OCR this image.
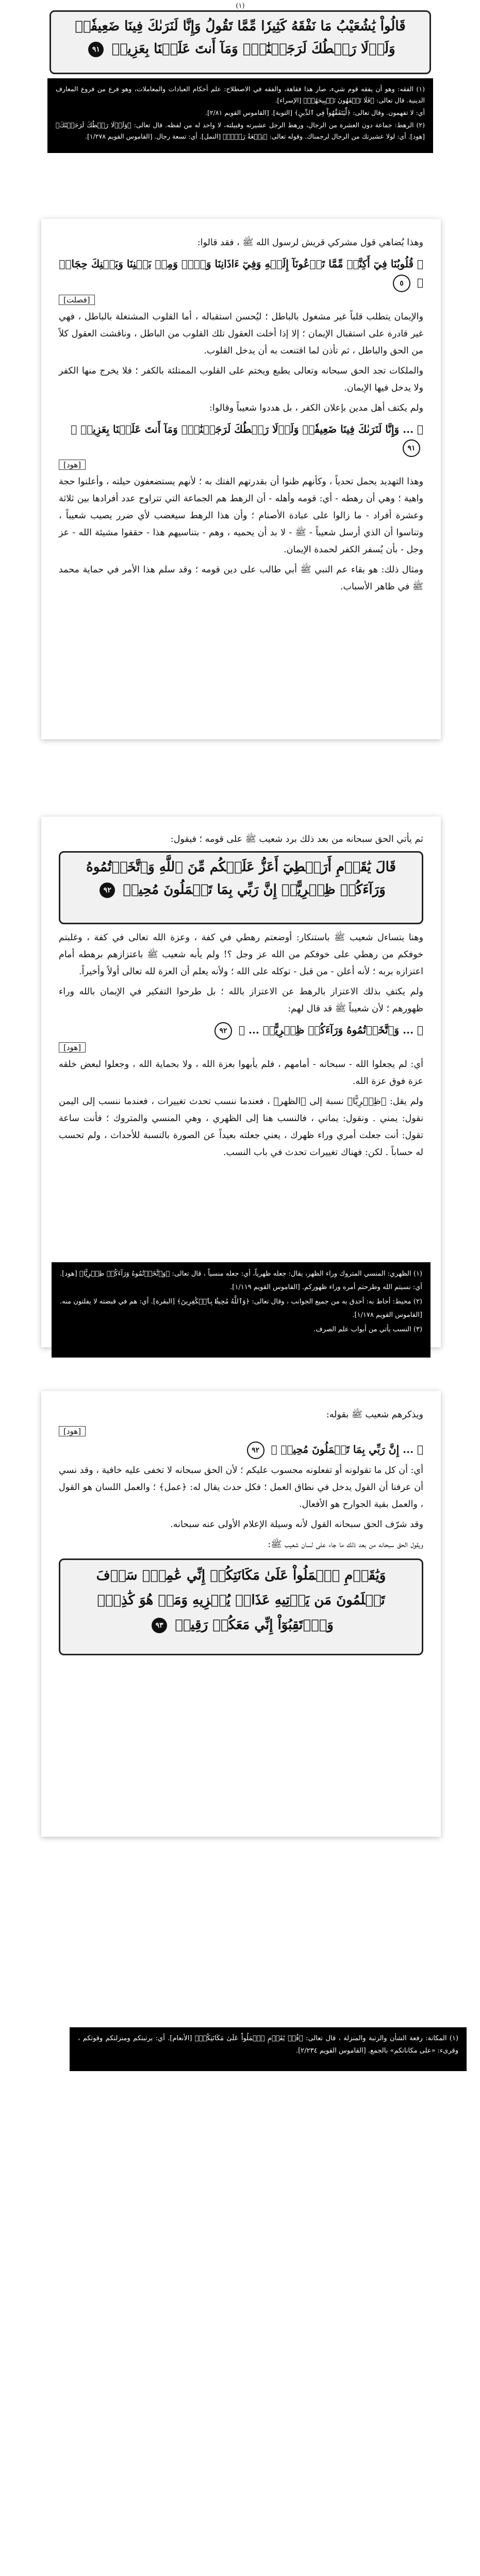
(١)
قَالُواْ يَٰشُعَيْبُ مَا نَفْقَهُ كَثِيرٗا مِّمَّا تَقُولُ وَإِنَّا لَنَرَىٰكَ فِينَا ضَعِيفٗاۖ وَلَوۡلَا رَهۡطُكَ لَرَجَمۡنَٰكَۖ وَمَآ أَنتَ عَلَيۡنَا بِعَزِيزٖ ٩١

(١) الفقه: وهو أن يفقه قوم شيء، صار هذا فقاهة، والفقه في الاصطلاح: علم أحكام العبادات والمعاملات، وهو فرع من فروع المعارف الدينية. قال تعالى: ﴿فَلَا تَفۡقَهُونَ تَسۡبِيحَهُمۡ﴾ [الإسراء].

أي: لا تفهمون. وقال تعالى: ﴿لِّيَتَفَقَّهُواْ فِي ٱلدِّينِ﴾ [التوبة]. [القاموس القويم ٢/٨١].

(٢) الرهط: جماعة دون العشرة من الرجال، ورهط الرجل عشيرته وقبيلته، لا واحد له من لفظه. قال تعالى: ﴿وَلَوۡلَا رَهۡطُكَ لَرَجَمۡنَٰكَ﴾ [هود]. أي: لولا عشيرتك من الرجال لرجمناك. وقوله تعالى: ﴿تِسۡعَةُ رَهۡطٖ﴾ [النمل]. أي: تسعة رجال. [القاموس القويم ١/٢٧٨].

وهذا يُضاهي قول مشركي قريش لرسول الله ﷺ ، فقد قالوا:

﴿ قُلُوبُنَا فِيٓ أَكِنَّةٖ مِّمَّا تَدۡعُونَآ إِلَيۡهِ وَفِيٓ ءَاذَانِنَا وَقۡرٞ وَمِنۢ بَيۡنِنَا وَبَيۡنِكَ حِجَابٞ ﴾ ٥
[فصلت]

والإيمان يتطلب قلباً غير مشغول بالباطل ؛ ليُحسن استقباله ، أما القلوب المشتغلة بالباطل ، فهي غير قادرة على استقبال الإيمان ؛ إلا إذا أخلت العقول تلك القلوب من الباطل ، وناقشت العقول كلاً من الحق والباطل ، ثم تأذن لما اقتنعت به أن يدخل القلوب.

والملكات تجد الحق سبحانه وتعالى يطبع ويختم على القلوب الممتلئة بالكفر ؛ فلا يخرج منها الكفر ولا يدخل فيها الإيمان.

ولم يكتف أهل مدين بإعلان الكفر ، بل هددوا شعيباً وقالوا:

﴿ ... وَإِنَّا لَنَرَىٰكَ فِينَا ضَعِيفٗاۖ وَلَوۡلَا رَهۡطُكَ لَرَجَمۡنَٰكَۖ وَمَآ أَنتَ عَلَيۡنَا بِعَزِيزٖ ﴾ ٩١
[هود]

وهذا التهديد يحمل تحدياً ، وكأنهم ظنوا أن بقدرتهم الفتك به ؛ لأنهم يستضعفون حيلته ، وأعلنوا حجة واهية ؛ وهي أن رهطه - أي: قومه وأهله - أن الرهط هم الجماعة التي تتراوح عدد أفرادها بين ثلاثة وعشرة أفراد - ما زالوا على عبادة الأصنام ؛ وأن هذا الرهط سيغضب لأي ضرر يصيب شعيباً ، وتناسوا أن الذي أرسل شعيباً - ﷺ - لا بد أن يحميه ، وهم - بتناسيهم هذا - حققوا مشيئة الله - عز وجل - بأن يُسفر الكفر لحمدة الإيمان.

ومثال ذلك: هو بقاء عم النبي ﷺ أبي طالب على دين قومه ؛ وقد سلم هذا الأمر في حماية محمد ﷺ في ظاهر الأسباب.

ثم يأتي الحق سبحانه من بعد ذلك برد شعيب ﷺ على قومه ؛ فيقول:

قَالَ يَٰقَوۡمِ أَرَهۡطِيٓ أَعَزُّ عَلَيۡكُم مِّنَ ٱللَّهِ وَٱتَّخَذۡتُمُوهُ وَرَآءَكُمۡ ظِهۡرِيًّاۖ إِنَّ رَبِّي بِمَا تَعۡمَلُونَ مُحِيطٞ ٩٢

وهنا يتساءل شعيب ﷺ باستنكار: أوضعتم رهطي في كفة ، وعزة الله تعالى في كفة ، وغلبتم خوفكم من رهطي على خوفكم من الله عز وجل ؟! ولم يأبه شعيب ﷺ باعتزازهم برهطه أمام اعتزازه بربه ؛ لأنه أعلن - من قبل - توكله على الله ؛ ولأنه يعلم أن العزة لله تعالى أولاً وأخيراً.

ولم يكتفِ بذلك الاعتزاز بالرهط عن الاعتزاز بالله ؛ بل طرحوا التفكير في الإيمان بالله وراء ظهورهم ؛ لأن شعيباً ﷺ قد قال لهم:

﴿ ... وَٱتَّخَذۡتُمُوهُ وَرَآءَكُمۡ ظِهۡرِيًّاۖ ... ﴾ ٩٢
[هود]

أي: لم يجعلوا الله - سبحانه - أمامهم ، فلم يأبهوا بعزة الله ، ولا بحماية الله ، وجعلوا لبعض خلقه عزة فوق عزة الله.

ولم يقل: ﴿ظِهۡرِيًّا﴾ نسبة إلى ﴿الظهر﴾ ، فعندما ننسب تحدث تغييرات ، فعندما ننسب إلى اليمن نقول: يمني . ونقول: يماني ، فالنسب هنا إلى الظهري ، وهي المنسي والمتروك ؛ فأنت ساعة تقول: أنت جعلت أمري وراء ظهرك ، يعني جعلته بعيداً عن الصورة بالنسبة للأحداث ، ولم تحسب له حساباً . لكن: فهناك تغييرات تحدث في باب النسب.

(١) الظهري: المنسي المتروك وراء الظهر، يقال: جعله ظهرياً، أي: جعله منسياً ، قال تعالى: ﴿وَٱتَّخَذۡتُمُوهُ وَرَآءَكُمۡ ظِهۡرِيًّا﴾ [هود]. أي: نسيتم الله وطرحتم أمره وراء ظهوركم. [القاموس القويم ١/١١٩].

(٢) محيط: أحاط به: أحدق به من جميع الجوانب ، وقال تعالى: ﴿وَٱللَّهُ مُحِيطُۢ بِٱلۡكَٰفِرِينَ﴾ [البقرة]. أي: هم في قبضته لا يفلتون منه. [القاموس القويم ١/١٧٨].

(٣) النسب يأتي من أبواب علم الصرف.

ويذكرهم شعيب ﷺ بقوله:

[هود]
﴿ ... إِنَّ رَبِّي بِمَا تَعۡمَلُونَ مُحِيطٞ ﴾ ٩٢

أي: أن كل ما تقولونه أو تفعلونه محسوب عليكم ؛ لأن الحق سبحانه لا تخفى عليه خافية ، وقد نسي أن عرفنا أن القول يدخل في نطاق العمل ؛ فكل حدث يقال له: ﴿عمل﴾ ؛ والعمل اللسان هو القول ، والعمل بقية الجوارح هو الأفعال.

وقد شرّف الحق سبحانه القول لأنه وسيلة الإعلام الأولى عنه سبحانه.

ويقول الحق سبحانه من بعد ذلك ما جاء على لسان شعيب ﷺ:

وَيَٰقَوۡمِ ٱعۡمَلُواْ عَلَىٰ مَكَانَتِكُمۡ إِنِّي عَٰمِلٞۖ سَوۡفَ تَعۡلَمُونَ مَن يَأۡتِيهِ عَذَابٞ يُخۡزِيهِ وَمَنۡ هُوَ كَٰذِبٞۖ وَٱرۡتَقِبُوٓاْ إِنِّي مَعَكُمۡ رَقِيبٞ ٩٣

(١) المكانة: رفعة الشأن والرتبة والمنزلة ، قال تعالى: ﴿قُلۡ يَٰقَوۡمِ ٱعۡمَلُواْ عَلَىٰ مَكَانَتِكُمۡ﴾ [الأنعام]. أي: برتبتكم ومنزلتكم وقوتكم ، وقرىء: «على مكاناتكم» بالجمع. [القاموس القويم ٢/٢٣٤].
